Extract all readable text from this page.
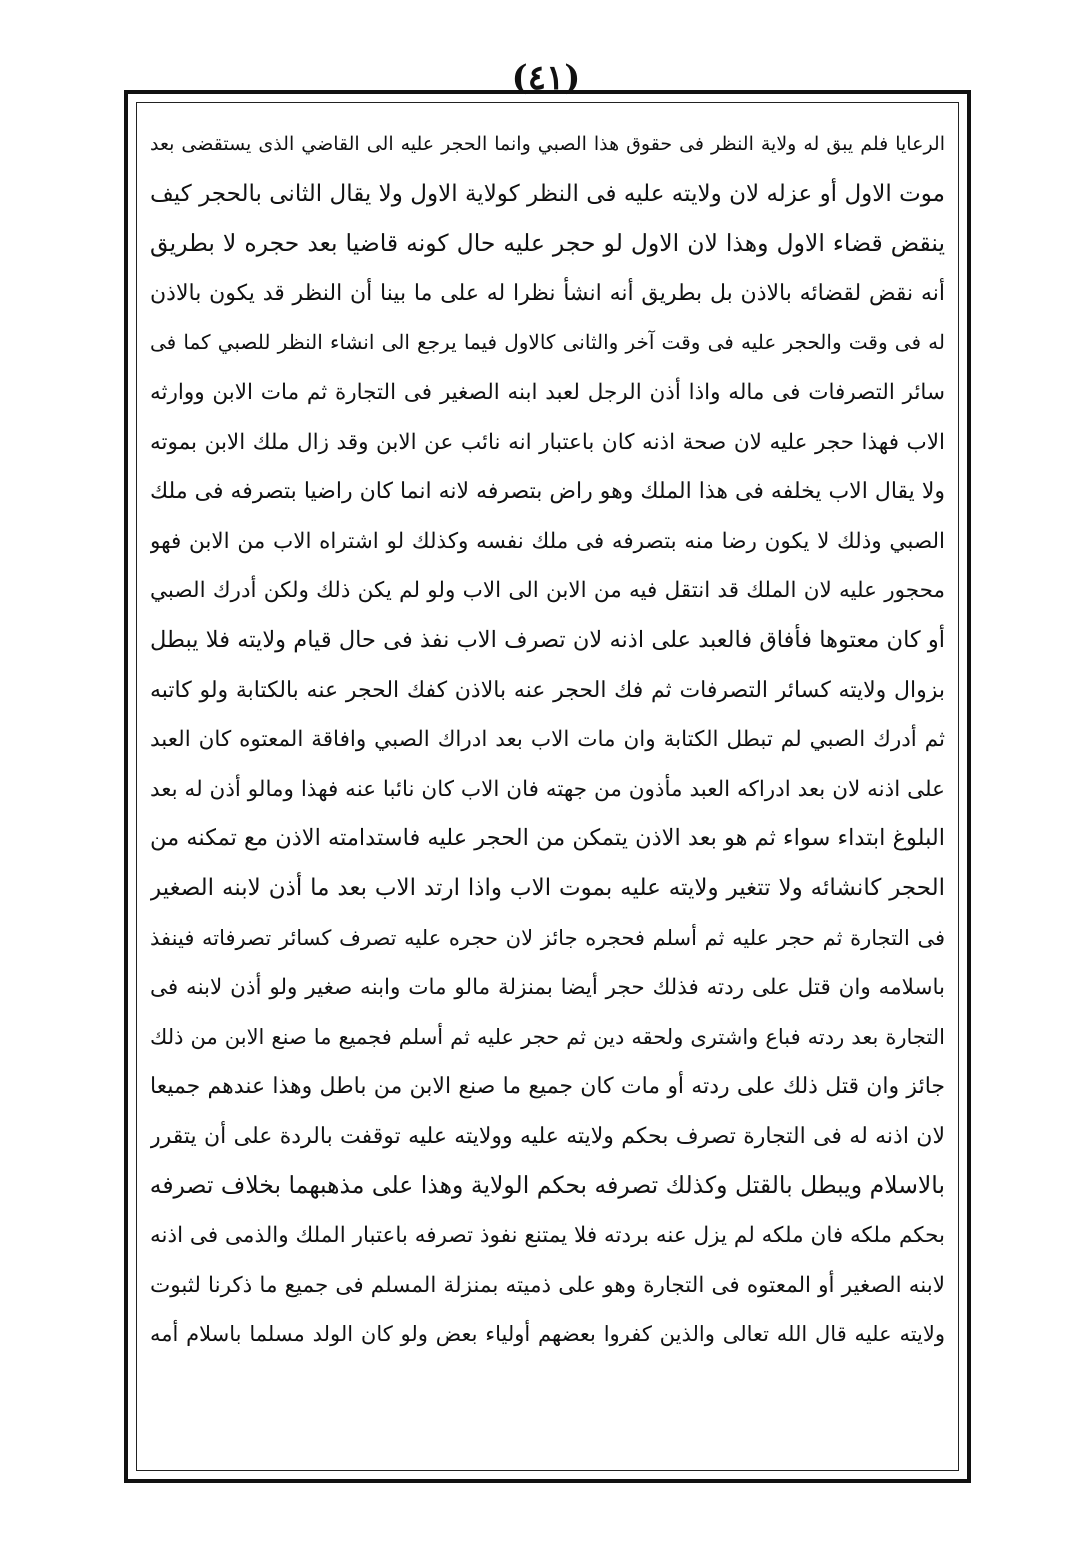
(٤١)
الرعايا فلم يبق له ولاية النظر فى حقوق هذا الصبي وانما الحجر عليه الى القاضي الذى يستقضى بعد
موت الاول أو عزله لان ولايته عليه فى النظر كولاية الاول ولا يقال الثانى بالحجر كيف
ينقض قضاء الاول وهذا لان الاول لو حجر عليه حال كونه قاضيا بعد حجره لا بطريق
أنه نقض لقضائه بالاذن بل بطريق أنه انشأ نظرا له على ما بينا أن النظر قد يكون بالاذن
له فى وقت والحجر عليه فى وقت آخر والثانى كالاول فيما يرجع الى انشاء النظر للصبي كما فى
سائر التصرفات فى ماله واذا أذن الرجل لعبد ابنه الصغير فى التجارة ثم مات الابن ووارثه
الاب فهذا حجر عليه لان صحة اذنه كان باعتبار انه نائب عن الابن وقد زال ملك الابن بموته
ولا يقال الاب يخلفه فى هذا الملك وهو راض بتصرفه لانه انما كان راضيا بتصرفه فى ملك
الصبي وذلك لا يكون رضا منه بتصرفه فى ملك نفسه وكذلك لو اشتراه الاب من الابن فهو
محجور عليه لان الملك قد انتقل فيه من الابن الى الاب ولو لم يكن ذلك ولكن أدرك الصبي
أو كان معتوها فأفاق فالعبد على اذنه لان تصرف الاب نفذ فى حال قيام ولايته فلا يبطل
بزوال ولايته كسائر التصرفات ثم فك الحجر عنه بالاذن كفك الحجر عنه بالكتابة ولو كاتبه
ثم أدرك الصبي لم تبطل الكتابة وان مات الاب بعد ادراك الصبي وافاقة المعتوه كان العبد
على اذنه لان بعد ادراكه العبد مأذون من جهته فان الاب كان نائبا عنه فهذا ومالو أذن له بعد
البلوغ ابتداء سواء ثم هو بعد الاذن يتمكن من الحجر عليه فاستدامته الاذن مع تمكنه من
الحجر كانشائه ولا تتغير ولايته عليه بموت الاب واذا ارتد الاب بعد ما أذن لابنه الصغير
فى التجارة ثم حجر عليه ثم أسلم فحجره جائز لان حجره عليه تصرف كسائر تصرفاته فينفذ
باسلامه وان قتل على ردته فذلك حجر أيضا بمنزلة مالو مات وابنه صغير ولو أذن لابنه فى
التجارة بعد ردته فباع واشترى ولحقه دين ثم حجر عليه ثم أسلم فجميع ما صنع الابن من ذلك
جائز وان قتل ذلك على ردته أو مات كان جميع ما صنع الابن من باطل وهذا عندهم جميعا
لان اذنه له فى التجارة تصرف بحكم ولايته عليه وولايته عليه توقفت بالردة على أن يتقرر
بالاسلام ويبطل بالقتل وكذلك تصرفه بحكم الولاية وهذا على مذهبهما بخلاف تصرفه
بحكم ملكه فان ملكه لم يزل عنه بردته فلا يمتنع نفوذ تصرفه باعتبار الملك والذمى فى اذنه
لابنه الصغير أو المعتوه فى التجارة وهو على ذميته بمنزلة المسلم فى جميع ما ذكرنا لثبوت
ولايته عليه قال الله تعالى والذين كفروا بعضهم أولياء بعض ولو كان الولد مسلما باسلام أمه
